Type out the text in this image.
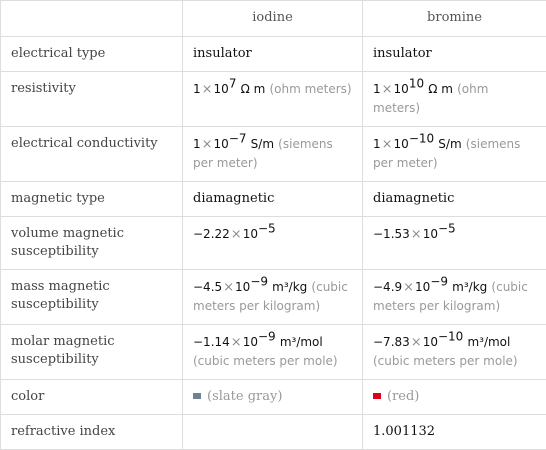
	iodine	bromine
electrical type	insulator	insulator
resistivity	$1\times 10^7$ Ω m (ohm meters)	$1\times 10^{10}$ Ω m (ohm meters)
electrical conductivity	$1\times 10^{-7}$ S/m (siemens per meter)	$1\times 10^{-10}$ S/m (siemens per meter)
magnetic type	diamagnetic	diamagnetic
volume magnetic susceptibility	$-2.22\times 10^{-5}$	$-1.53\times 10^{-5}$
mass magnetic susceptibility	$-4.5\times 10^{-9}$ m³/kg (cubic meters per kilogram)	$-4.9\times 10^{-9}$ m³/kg (cubic meters per kilogram)
molar magnetic susceptibility	$-1.14\times 10^{-9}$ m³/mol (cubic meters per mole)	$-7.83\times 10^{-10}$ m³/mol (cubic meters per mole)
color	(slate gray)	(red)
refractive index		1.001132
